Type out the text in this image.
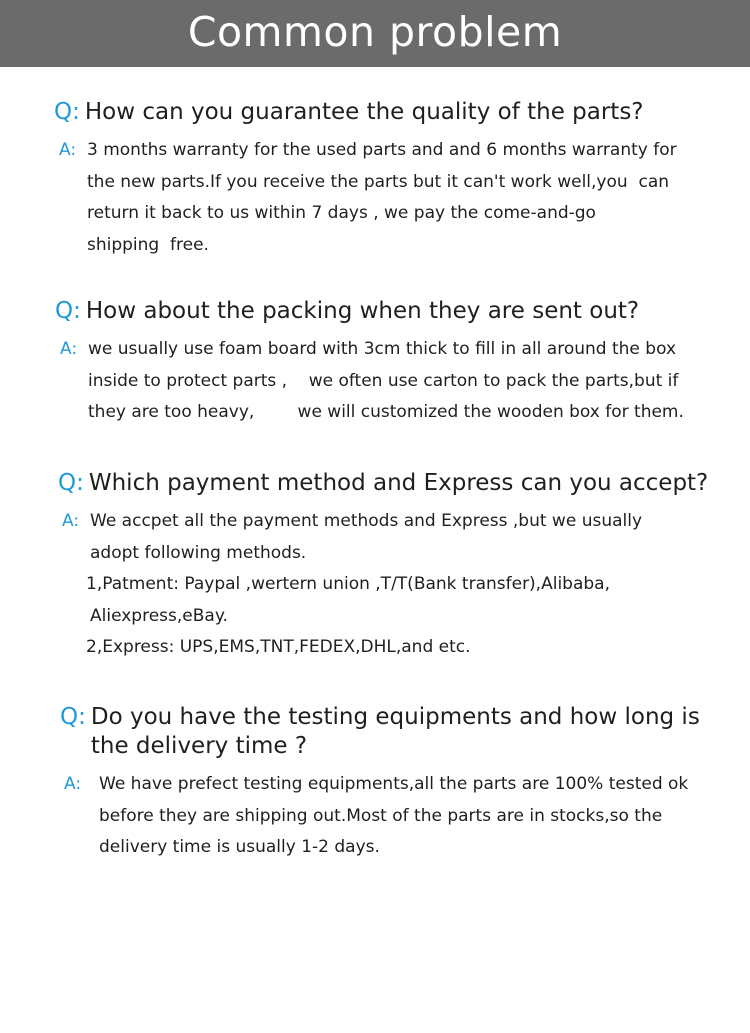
Common problem
Q: How can you guarantee the quality of the parts?
A: 3 months warranty for the used parts and and 6 months warranty for
the new parts.If you receive the parts but it can't work well,you  can
return it back to us within 7 days , we pay the come-and-go
shipping  free.
Q: How about the packing when they are sent out?
A: we usually use foam board with 3cm thick to fill in all around the box
inside to protect parts ,    we often use carton to pack the parts,but if
they are too heavy,        we will customized the wooden box for them.
Q: Which payment method and Express can you accept?
A: We accpet all the payment methods and Express ,but we usually
adopt following methods.
1,Patment: Paypal ,wertern union ,T/T(Bank transfer),Alibaba,
Aliexpress,eBay.
2,Express: UPS,EMS,TNT,FEDEX,DHL,and etc.
Q: Do you have the testing equipments and how long is
the delivery time ?
A:	We have prefect testing equipments,all the parts are 100% tested ok
before they are shipping out.Most of the parts are in stocks,so the
delivery time is usually 1-2 days.
